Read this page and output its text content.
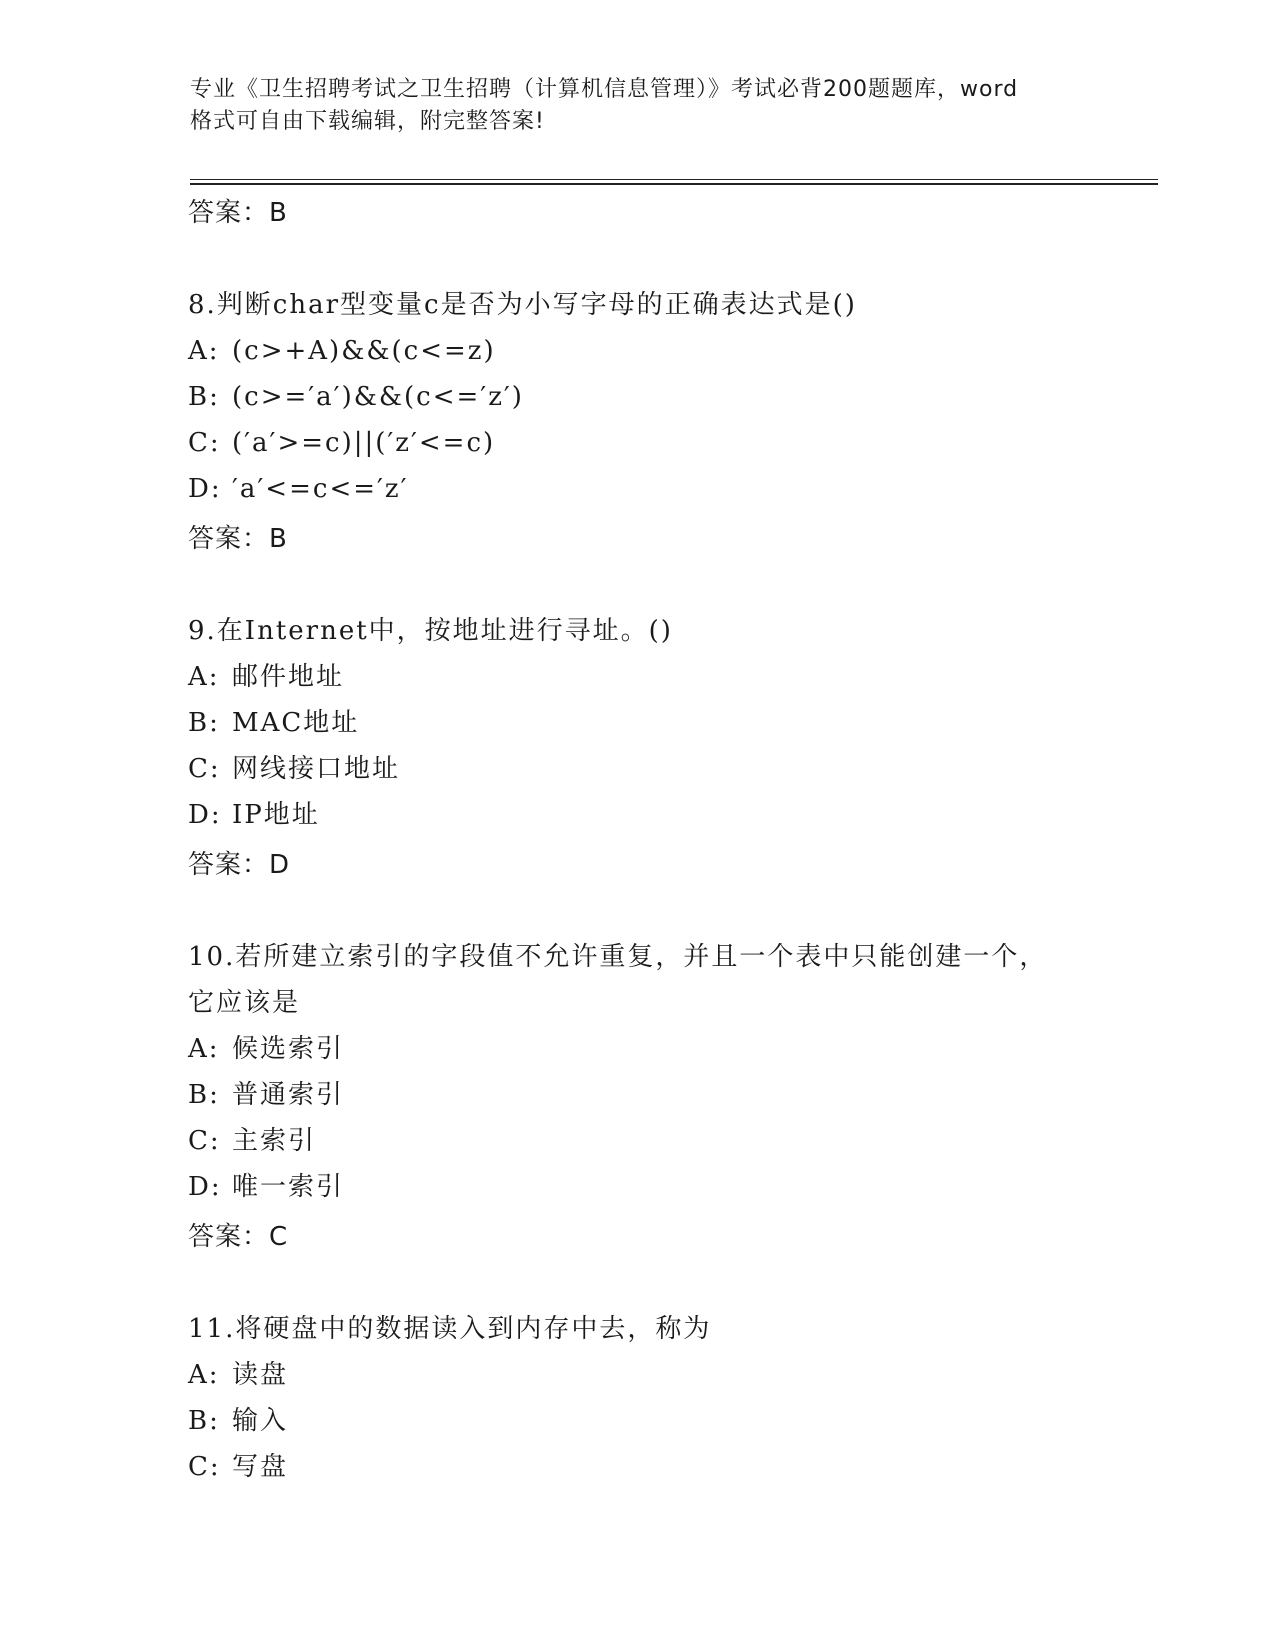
专业《卫生招聘考试之卫生招聘（计算机信息管理）》考试必背200题题库，word
格式可自由下载编辑，附完整答案!
答案：B
8.判断char型变量c是否为小写字母的正确表达式是()
A: (c>+A)&&(c<=z)
B: (c>=′a′)&&(c<=′z′)
C: (′a′>=c)||(′z′<=c)
D: ′a′<=c<=′z′
答案：B
9.在Internet中，按地址进行寻址。()
A: 邮件地址
B: MAC地址
C: 网线接口地址
D: IP地址
答案：D
10.若所建立索引的字段值不允许重复，并且一个表中只能创建一个，
它应该是
A: 候选索引
B: 普通索引
C: 主索引
D: 唯一索引
答案：C
11.将硬盘中的数据读入到内存中去，称为
A: 读盘
B: 输入
C: 写盘
